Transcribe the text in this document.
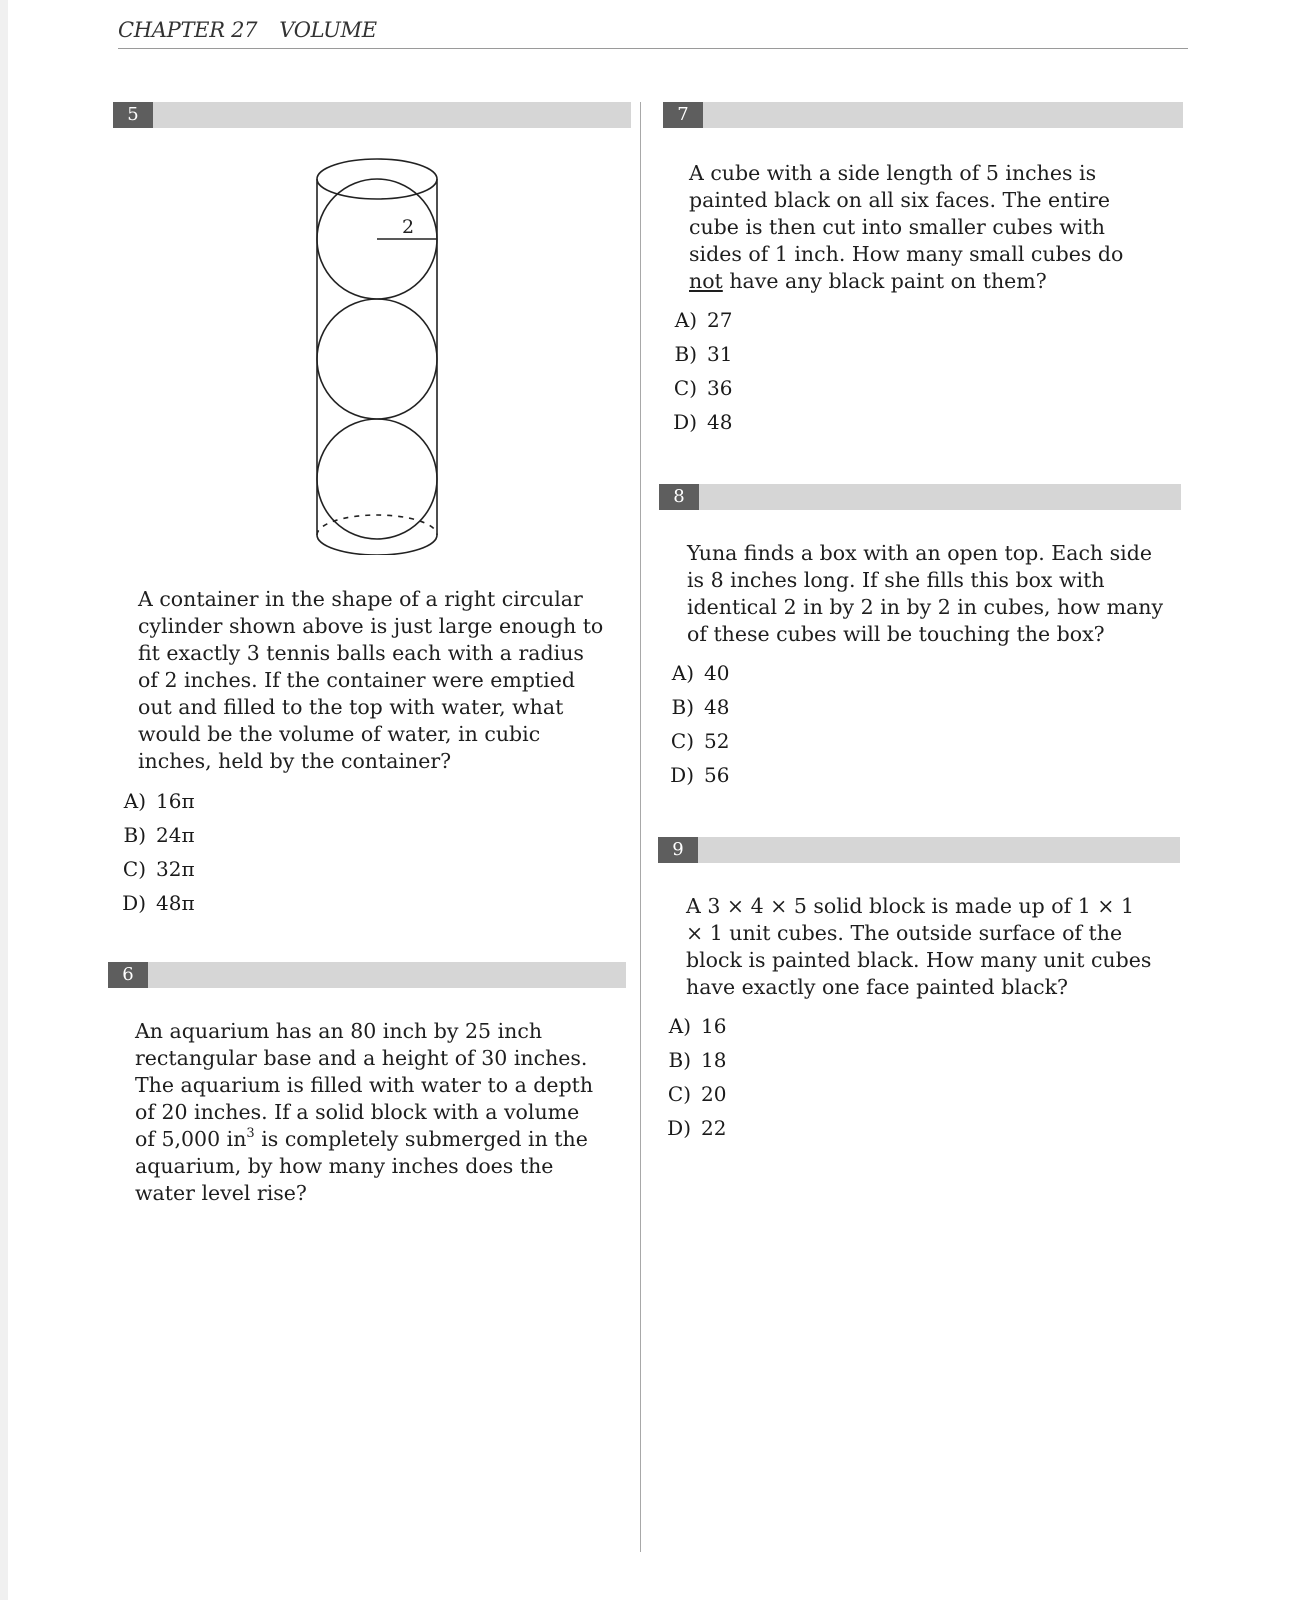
CHAPTER 27 VOLUME
5
2
A container in the shape of a right circular cylinder shown above is just large enough to fit exactly 3 tennis balls each with a radius of 2 inches. If the container were emptied out and filled to the top with water, what would be the volume of water, in cubic inches, held by the container?
A) 16π
B) 24π
C) 32π
D) 48π
6
An aquarium has an 80 inch by 25 inch rectangular base and a height of 30 inches. The aquarium is filled with water to a depth of 20 inches. If a solid block with a volume of 5,000 $in^3$ is completely submerged in the aquarium, by how many inches does the water level rise?
7
A cube with a side length of 5 inches is painted black on all six faces. The entire cube is then cut into smaller cubes with sides of 1 inch. How many small cubes do not have any black paint on them?
A) 27
B) 31
C) 36
D) 48
8
Yuna finds a box with an open top. Each side is 8 inches long. If she fills this box with identical 2 in by 2 in by 2 in cubes, how many of these cubes will be touching the box?
A) 40
B) 48
C) 52
D) 56
9
A 3 × 4 × 5 solid block is made up of 1 × 1 × 1 unit cubes. The outside surface of the block is painted black. How many unit cubes have exactly one face painted black?
A) 16
B) 18
C) 20
D) 22
